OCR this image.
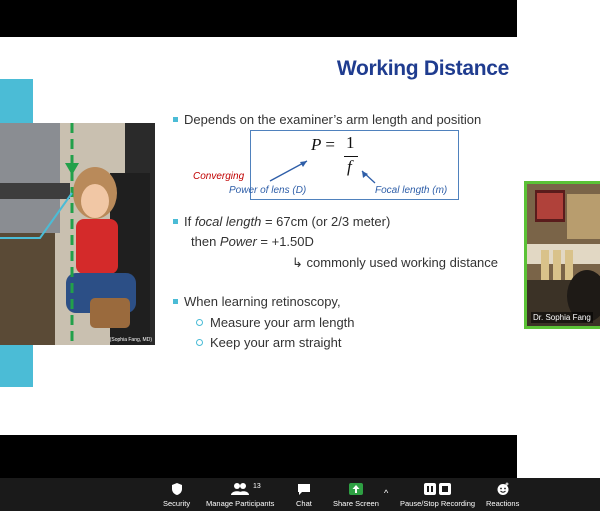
(Sophia Fang, MD)
Working Distance
Depends on the examiner’s arm length and position
P = 1
f
Converging
Power of lens (D)	Focal length (m)
If focal length = 67cm (or 2/3 meter)
then Power = +1.50D
↳ commonly used working distance
When learning retinoscopy,
Measure your arm length
Keep your arm straight
Dr. Sophia Fang
Security Manage Participants	Chat	Share Screen
^
Pause/Stop Recording Reactions
13
